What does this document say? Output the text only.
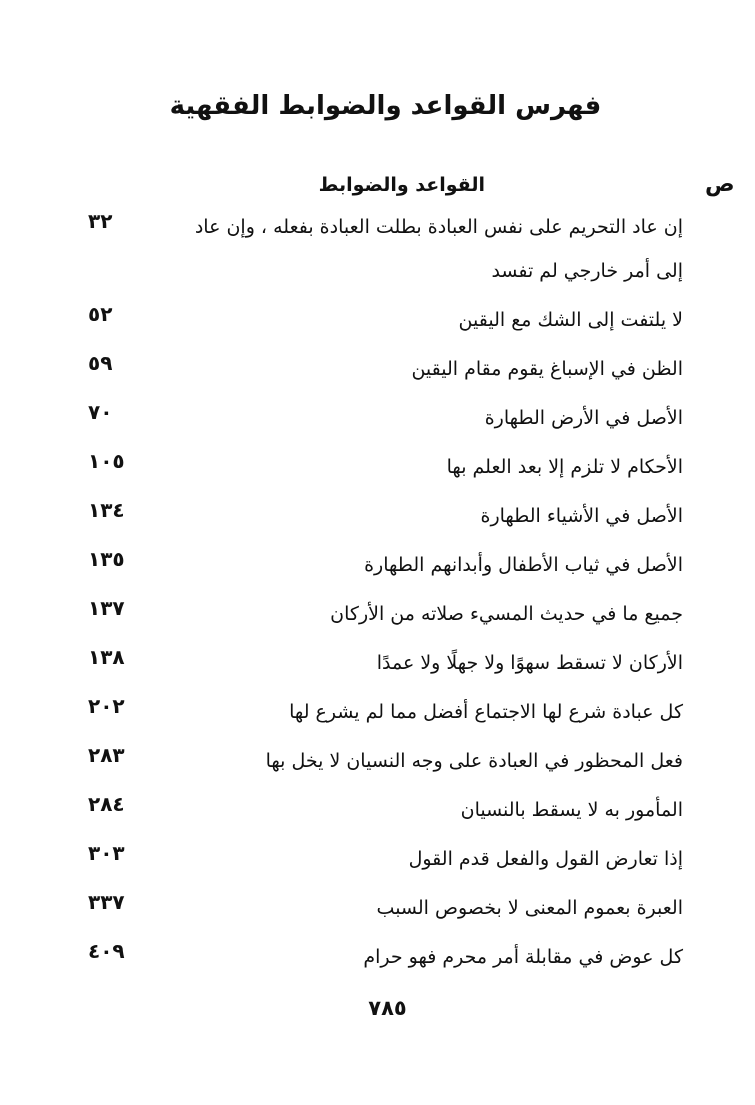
فهرس القواعد والضوابط الفقهية
القواعد والضوابط	ص
إن عاد التحريم على نفس العبادة بطلت العبادة بفعله ، وإن عاد إلى أمر خارجي لم تفسد
٣٢
لا يلتفت إلى الشك مع اليقين
٥٢
الظن في الإسباغ يقوم مقام اليقين
٥٩
الأصل في الأرض الطهارة
٧٠
الأحكام لا تلزم إلا بعد العلم بها
١٠٥
الأصل في الأشياء الطهارة
١٣٤
الأصل في ثياب الأطفال وأبدانهم الطهارة
١٣٥
جميع ما في حديث المسيء صلاته من الأركان
١٣٧
الأركان لا تسقط سهوًا ولا جهلًا ولا عمدًا
١٣٨
كل عبادة شرع لها الاجتماع أفضل مما لم يشرع لها
٢٠٢
فعل المحظور في العبادة على وجه النسيان لا يخل بها
٢٨٣
المأمور به لا يسقط بالنسيان
٢٨٤
إذا تعارض القول والفعل قدم القول
٣٠٣
العبرة بعموم المعنى لا بخصوص السبب
٣٣٧
كل عوض في مقابلة أمر محرم فهو حرام
٤٠٩
٧٨٥
